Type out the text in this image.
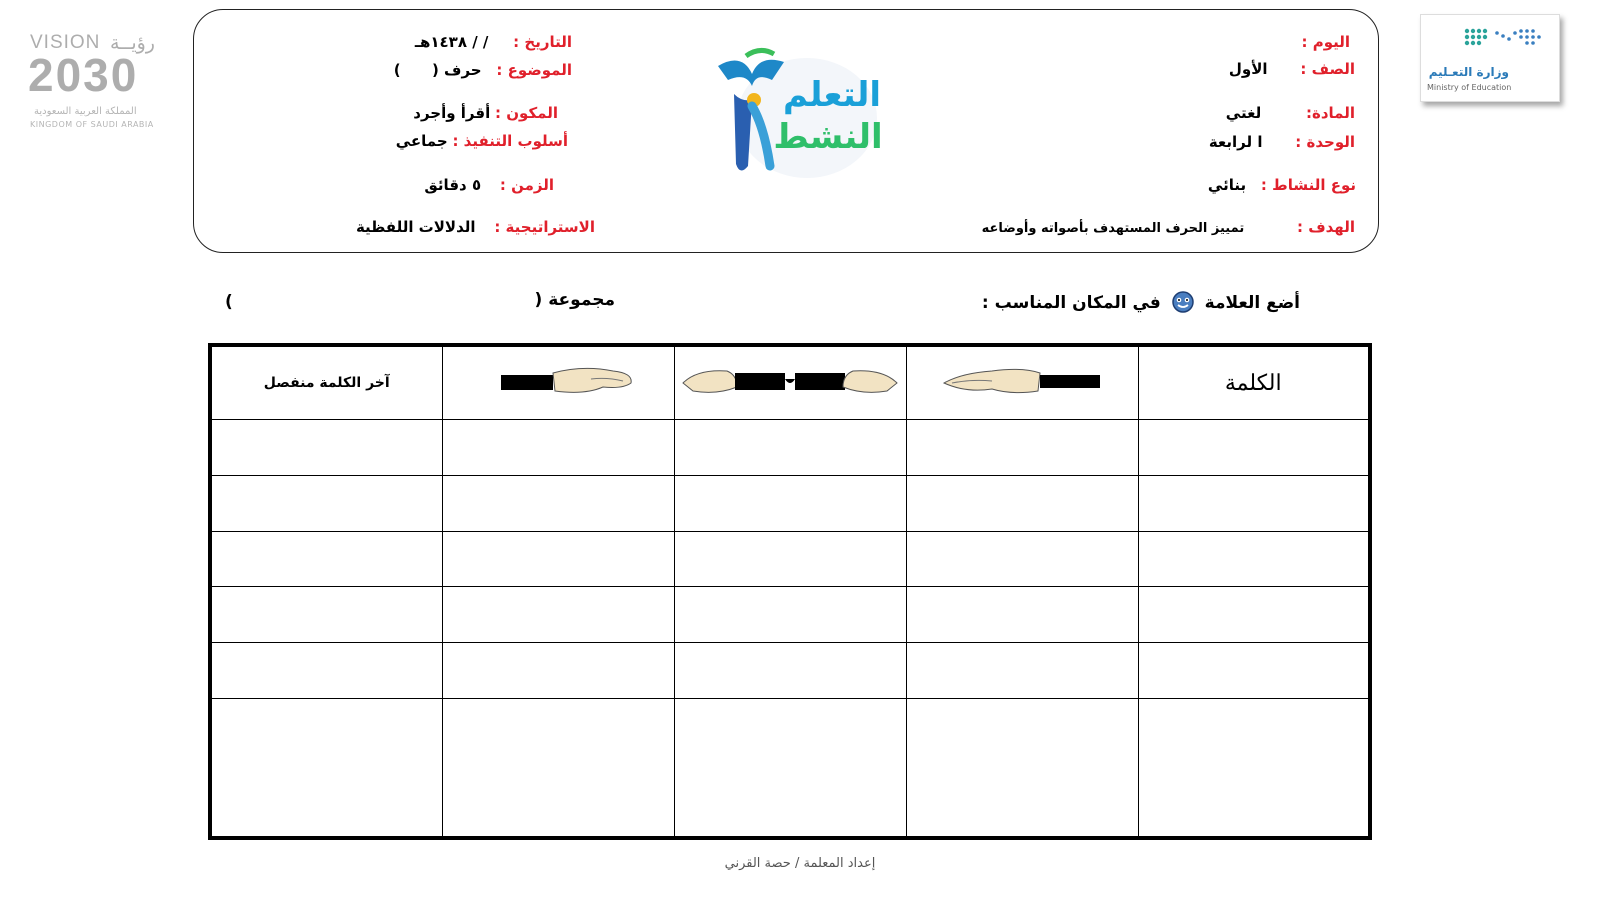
VISION رؤيــة
2030
المملكة العربية السعودية
KINGDOM OF SAUDI ARABIA
وزارة التعـليم
Ministry of Education
اليوم :
الصف : الأول
المادة: لغتي
الوحدة : ا لرابعة
نوع النشاط : بنائي
الهدف : تمييز الحرف المستهدف بأصواته وأوضاعه
التاريخ : / / ١٤٣٨هـ
الموضوع : حرف (      )
المكون : أقرأ وأجرد
أسلوب التنفيذ : جماعي
الزمن : ٥ دقائق
الاستراتيجية : الدلالات اللفظية
التعلم
النشط
أضع العلامة  في المكان المناسب :
مجموعة (
)
آخر الكلمة منفصل				الكلمة

إعداد المعلمة / حصة القرني
